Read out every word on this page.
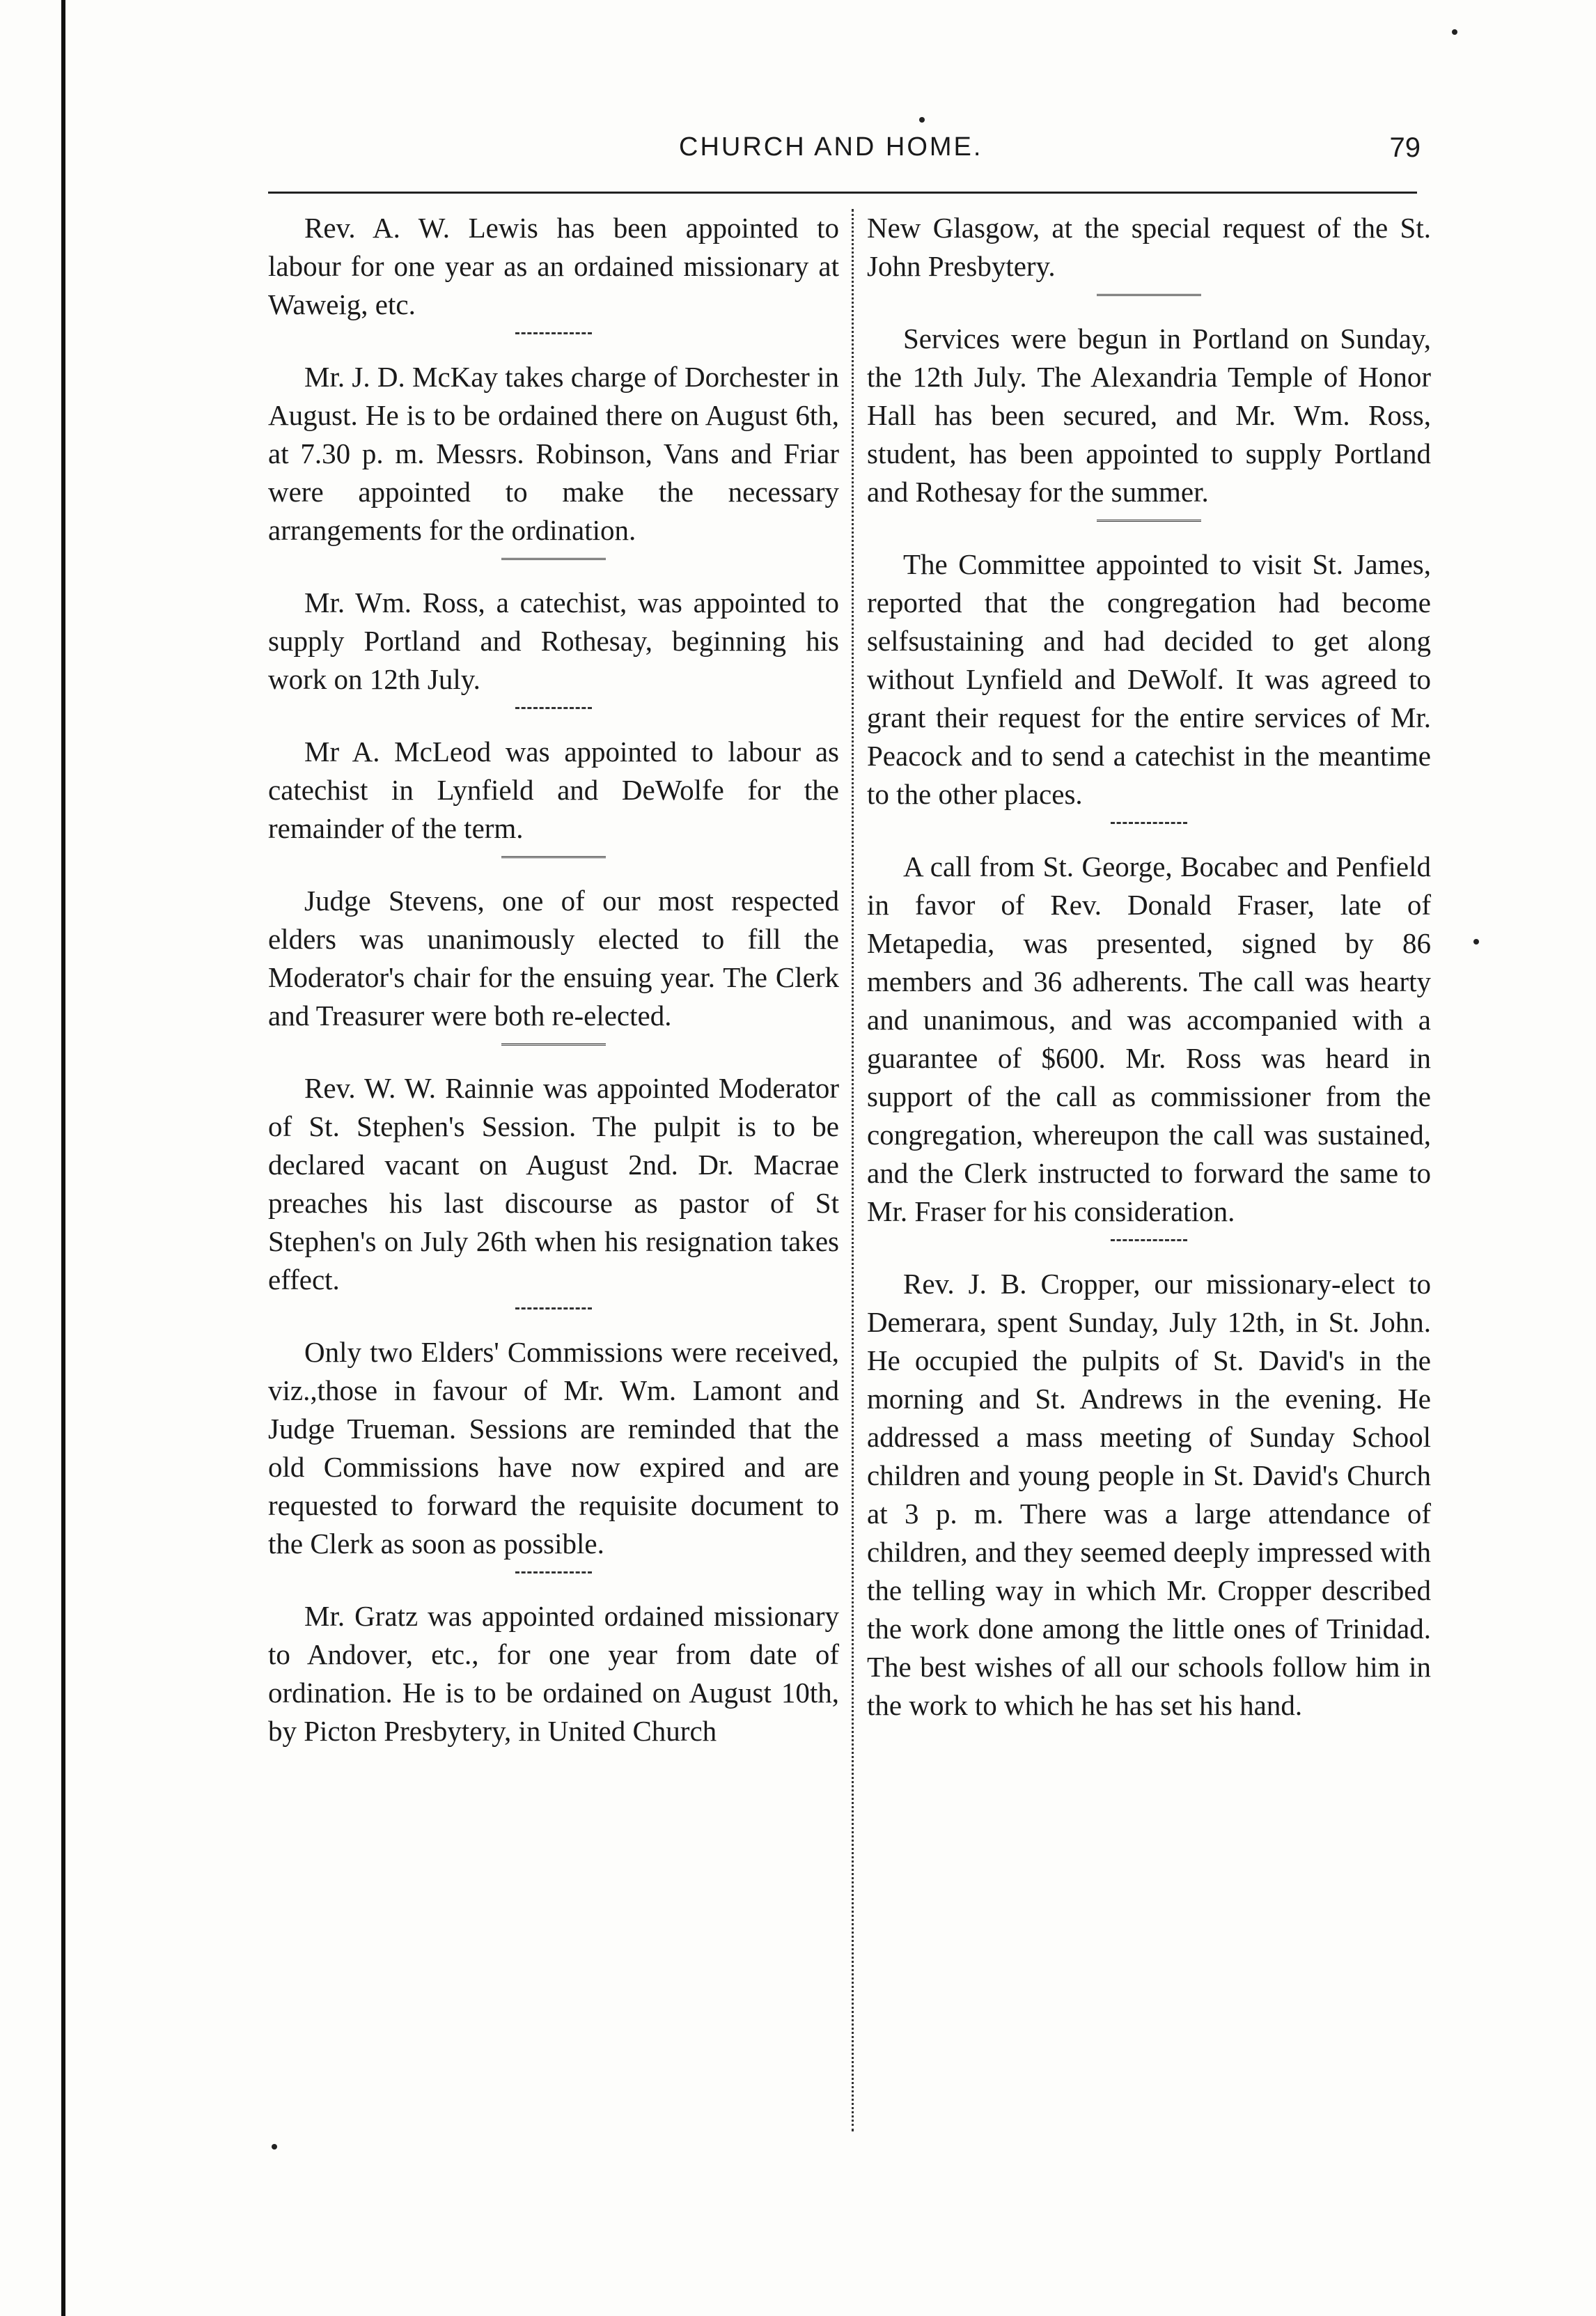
CHURCH AND HOME.	79

Rev. A. W. Lewis has been appointed to labour for one year as an ordained missionary at Waweig, etc.

Mr. J. D. McKay takes charge of Dorchester in August. He is to be ordained there on August 6th, at 7.30 p. m. Messrs. Robinson, Vans and Friar were appointed to make the necessary arrangements for the ordination.

Mr. Wm. Ross, a catechist, was appointed to supply Portland and Rothesay, beginning his work on 12th July.

Mr A. McLeod was appointed to labour as catechist in Lynfield and DeWolfe for the remainder of the term.

Judge Stevens, one of our most respected elders was unanimously elected to fill the Moderator's chair for the ensuing year. The Clerk and Treasurer were both re-elected.

Rev. W. W. Rainnie was appointed Moderator of St. Stephen's Session. The pulpit is to be declared vacant on August 2nd. Dr. Macrae preaches his last discourse as pastor of St Stephen's on July 26th when his resignation takes effect.

Only two Elders' Commissions were received, viz.,those in favour of Mr. Wm. Lamont and Judge Trueman. Sessions are reminded that the old Commissions have now expired and are requested to forward the requisite document to the Clerk as soon as possible.

Mr. Gratz was appointed ordained missionary to Andover, etc., for one year from date of ordination. He is to be ordained on August 10th, by Picton Presbytery, in United Church

New Glasgow, at the special request of the St. John Presbytery.

Services were begun in Portland on Sunday, the 12th July. The Alexandria Temple of Honor Hall has been secured, and Mr. Wm. Ross, student, has been appointed to supply Portland and Rothesay for the summer.

The Committee appointed to visit St. James, reported that the congregation had become selfsustaining and had decided to get along without Lynfield and DeWolf. It was agreed to grant their request for the entire services of Mr. Peacock and to send a catechist in the meantime to the other places.

A call from St. George, Bocabec and Penfield in favor of Rev. Donald Fraser, late of Metapedia, was presented, signed by 86 members and 36 adherents. The call was hearty and unanimous, and was accompanied with a guarantee of $600. Mr. Ross was heard in support of the call as commissioner from the congregation, whereupon the call was sustained, and the Clerk instructed to forward the same to Mr. Fraser for his consideration.

Rev. J. B. Cropper, our missionary-elect to Demerara, spent Sunday, July 12th, in St. John. He occupied the pulpits of St. David's in the morning and St. Andrews in the evening. He addressed a mass meeting of Sunday School children and young people in St. David's Church at 3 p. m. There was a large attendance of children, and they seemed deeply impressed with the telling way in which Mr. Cropper described the work done among the little ones of Trinidad. The best wishes of all our schools follow him in the work to which he has set his hand.
